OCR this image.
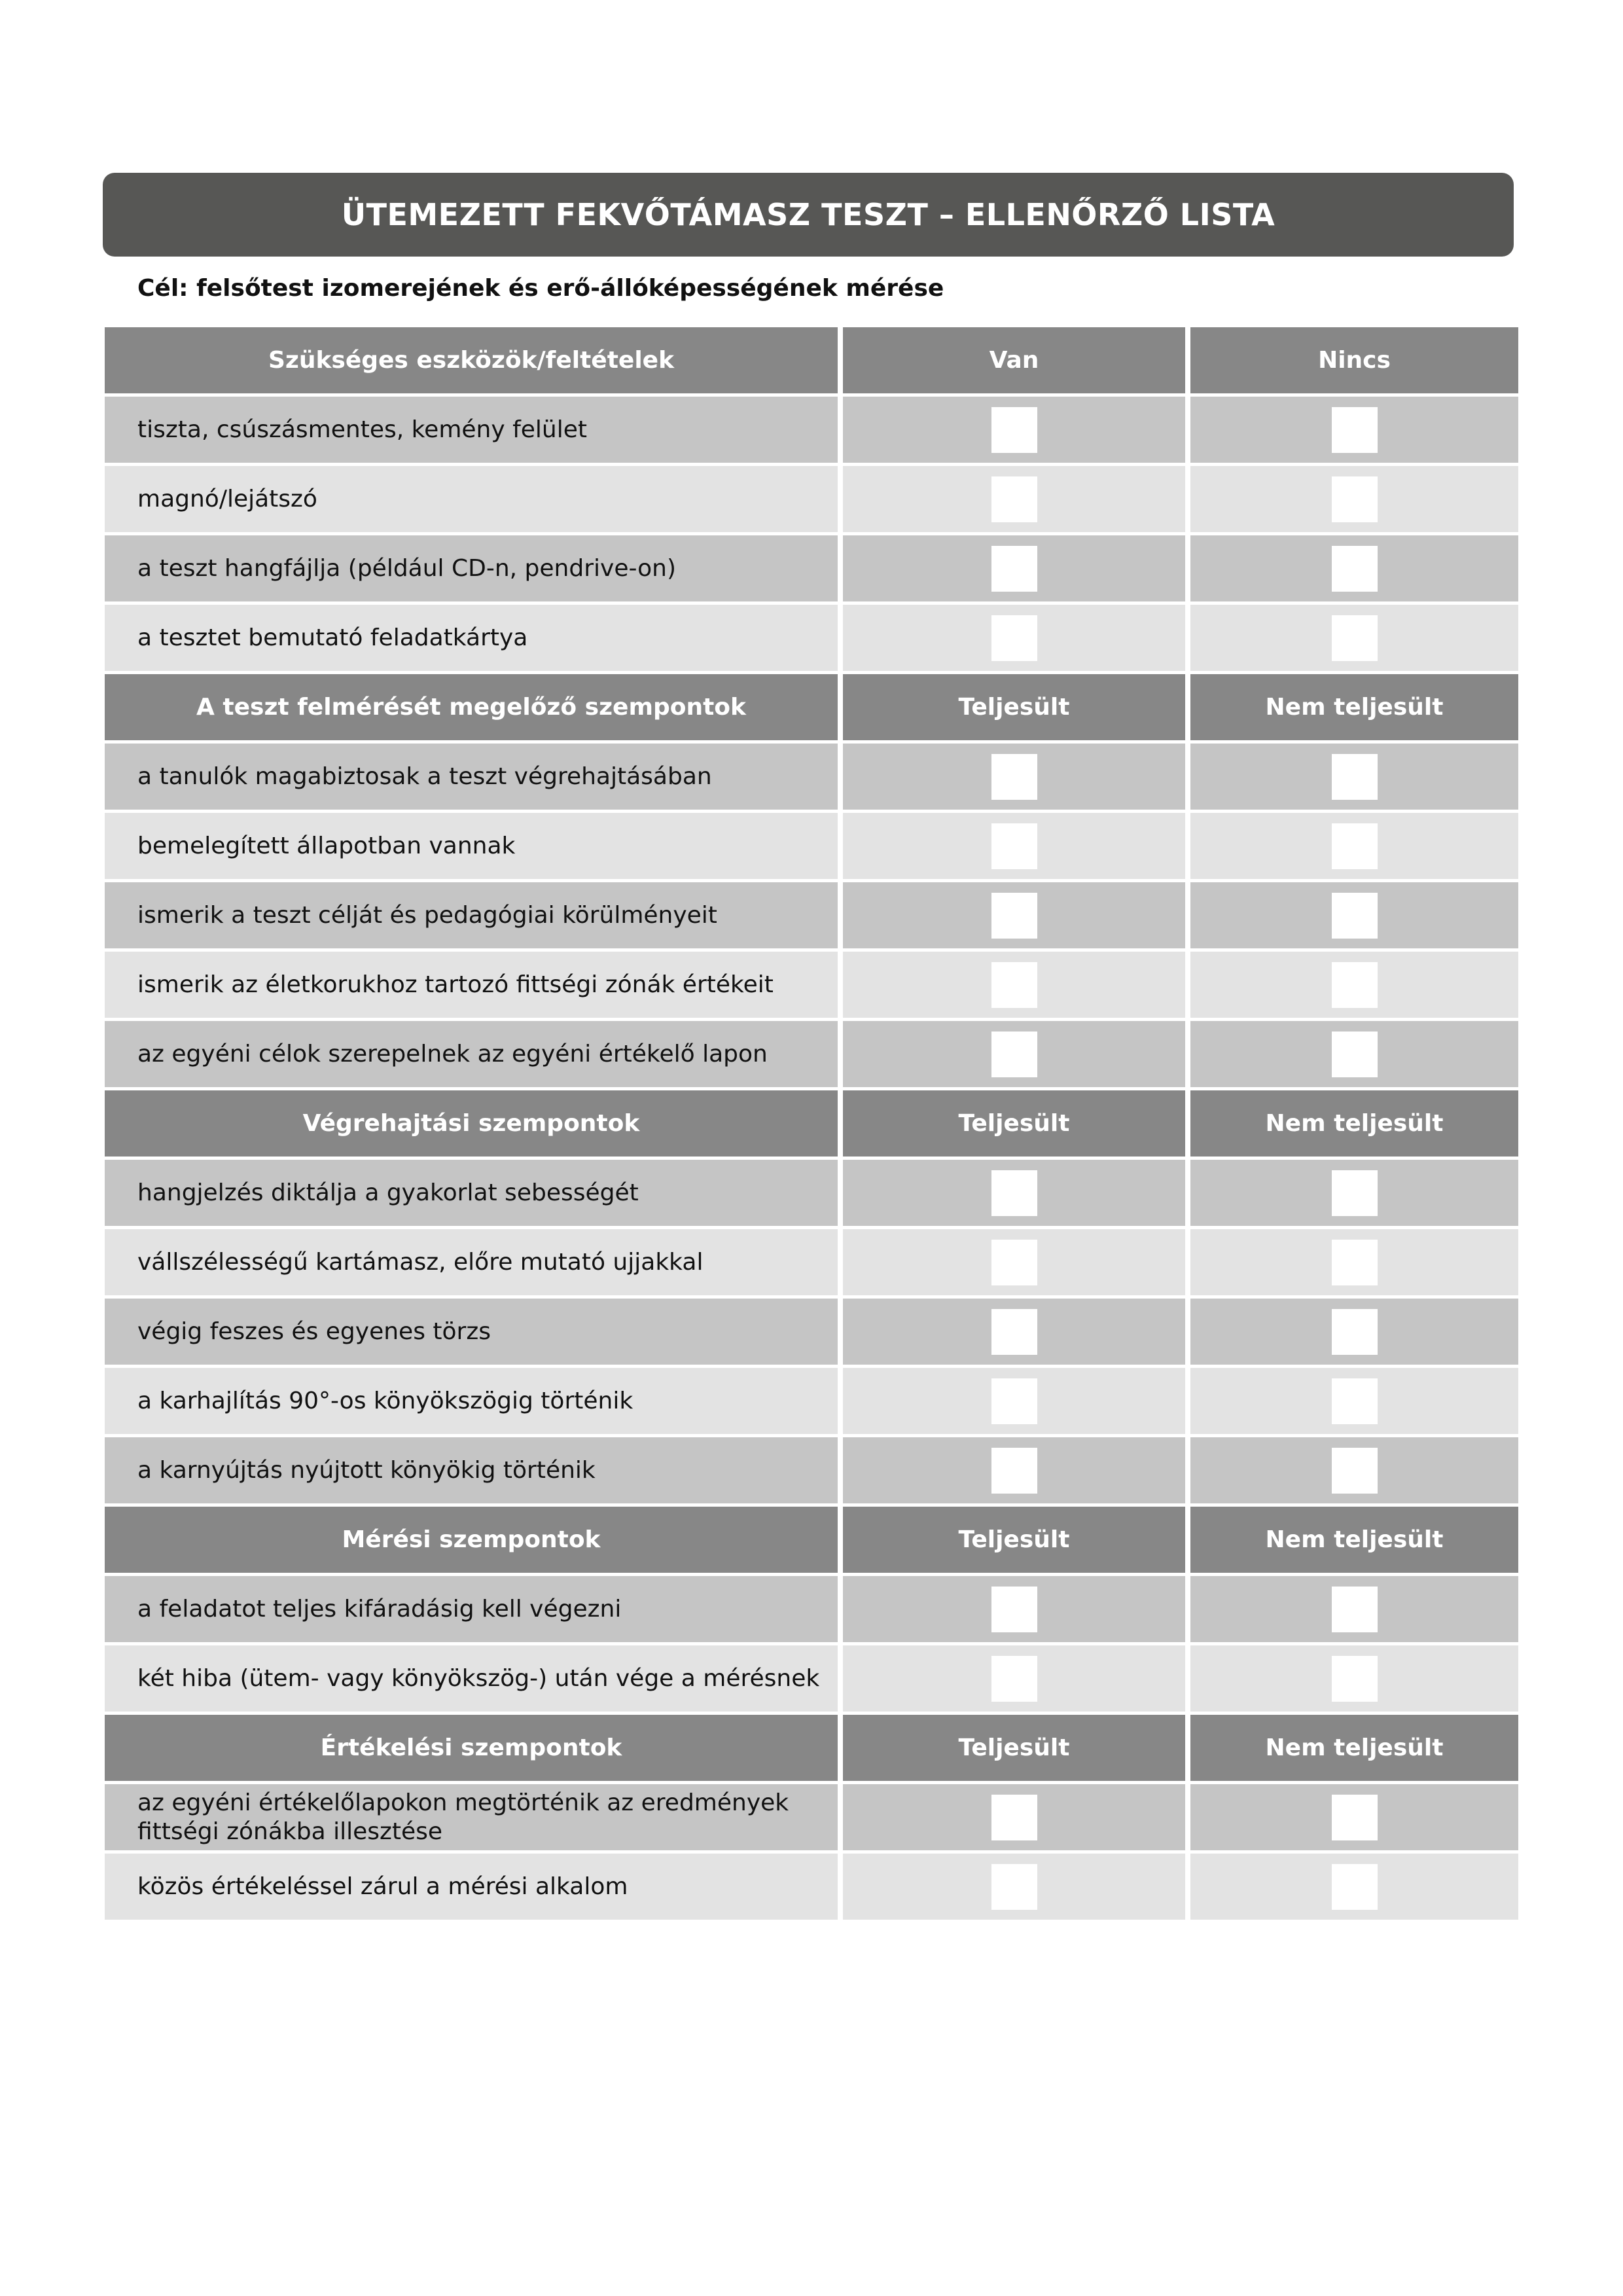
ÜTEMEZETT FEKVŐTÁMASZ TESZT – ELLENŐRZŐ LISTA
Cél: felsőtest izomerejének és erő-állóképességének mérése
Szükséges eszközök/feltételek	Van	Nincs
tiszta, csúszásmentes, kemény felület
magnó/lejátszó
a teszt hangfájlja (például CD-n, pendrive-on)
a tesztet bemutató feladatkártya
A teszt felmérését megelőző szempontok	Teljesült	Nem teljesült
a tanulók magabiztosak a teszt végrehajtásában
bemelegített állapotban vannak
ismerik a teszt célját és pedagógiai körülményeit
ismerik az életkorukhoz tartozó fittségi zónák értékeit
az egyéni célok szerepelnek az egyéni értékelő lapon
Végrehajtási szempontok	Teljesült	Nem teljesült
hangjelzés diktálja a gyakorlat sebességét
vállszélességű kartámasz, előre mutató ujjakkal
végig feszes és egyenes törzs
a karhajlítás 90°-os könyökszögig történik
a karnyújtás nyújtott könyökig történik
Mérési szempontok	Teljesült	Nem teljesült
a feladatot teljes kifáradásig kell végezni
két hiba (ütem- vagy könyökszög-) után vége a mérésnek
Értékelési szempontok	Teljesült	Nem teljesült
az egyéni értékelőlapokon megtörténik az eredmények fittségi zónákba illesztése
közös értékeléssel zárul a mérési alkalom
